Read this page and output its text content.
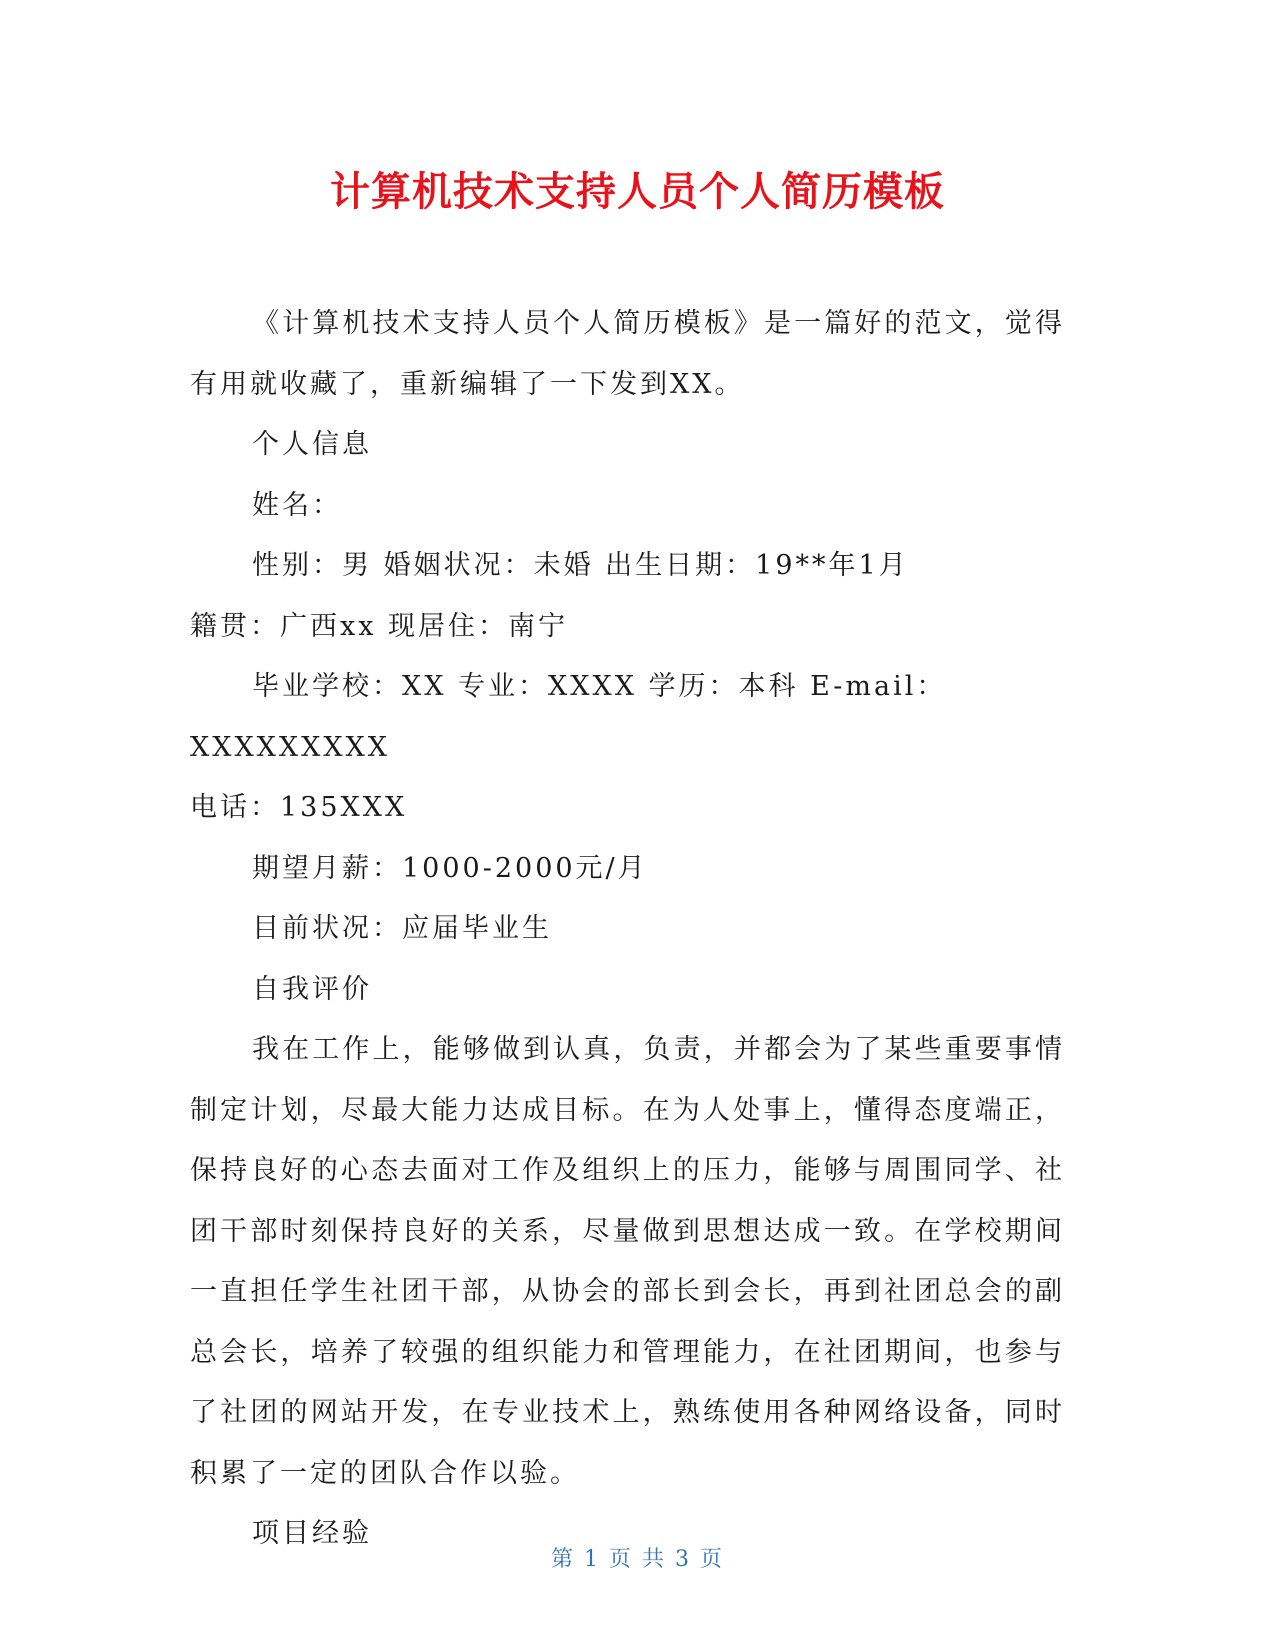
计算机技术支持人员个人简历模板

《计算机技术支持人员个人简历模板》是一篇好的范文，觉得有用就收藏了，重新编辑了一下发到XX。

个人信息

姓名：

性别：男 婚姻状况：未婚 出生日期：19**年1月

籍贯：广西xx 现居住：南宁

毕业学校：XX 专业：XXXX 学历：本科 E-mail：XXXXXXXXX

电话：135XXX

期望月薪：1000-2000元/月

目前状况：应届毕业生

自我评价

我在工作上，能够做到认真，负责，并都会为了某些重要事情制定计划，尽最大能力达成目标。在为人处事上，懂得态度端正，保持良好的心态去面对工作及组织上的压力，能够与周围同学、社团干部时刻保持良好的关系，尽量做到思想达成一致。在学校期间一直担任学生社团干部，从协会的部长到会长，再到社团总会的副总会长，培养了较强的组织能力和管理能力，在社团期间，也参与了社团的网站开发，在专业技术上，熟练使用各种网络设备，同时积累了一定的团队合作以验。

项目经验

第 1 页 共 3 页
